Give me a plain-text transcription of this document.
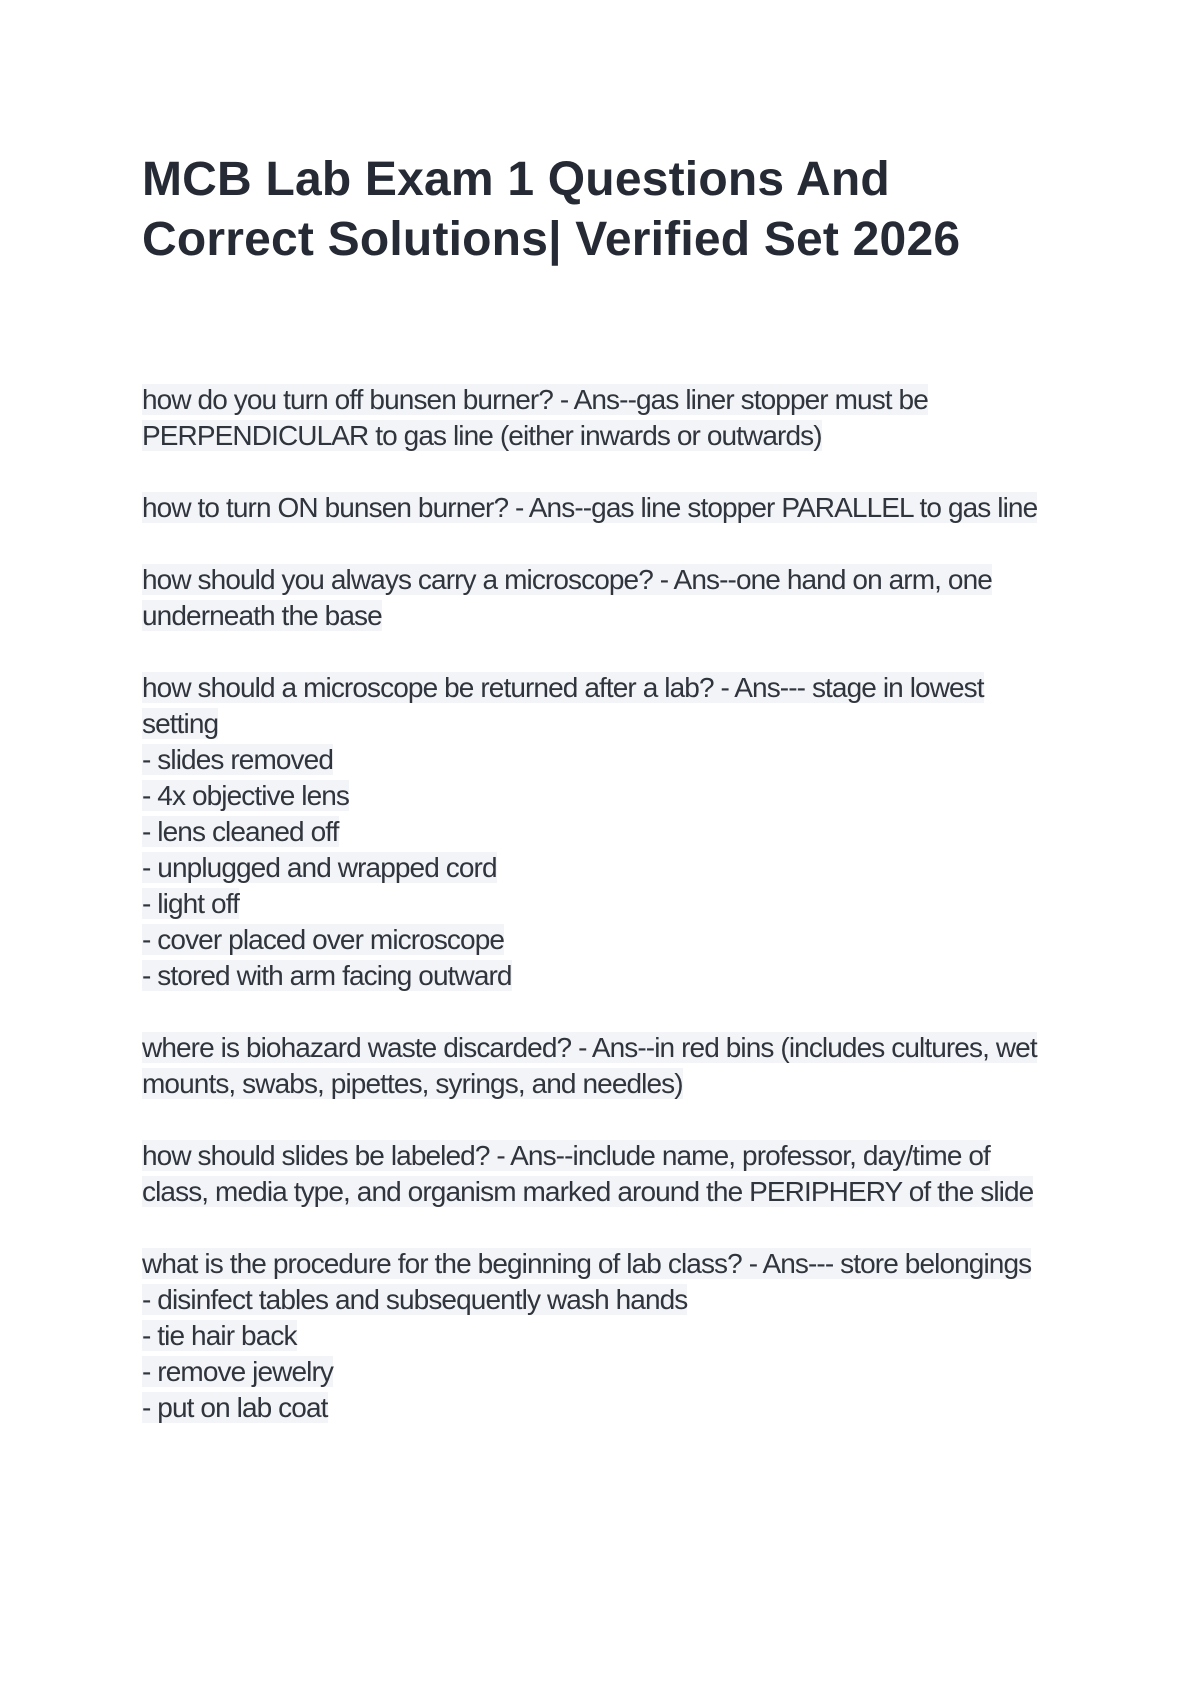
MCB Lab Exam 1 Questions And Correct Solutions| Verified Set 2026
how do you turn off bunsen burner? - Ans--gas liner stopper must be PERPENDICULAR to gas line (either inwards or outwards)
how to turn ON bunsen burner? - Ans--gas line stopper PARALLEL to gas line
how should you always carry a microscope? - Ans--one hand on arm, one underneath the base
how should a microscope be returned after a lab? - Ans--- stage in lowest setting
- slides removed
- 4x objective lens
- lens cleaned off
- unplugged and wrapped cord
- light off
- cover placed over microscope
- stored with arm facing outward
where is biohazard waste discarded? - Ans--in red bins (includes cultures, wet mounts, swabs, pipettes, syrings, and needles)
how should slides be labeled? - Ans--include name, professor, day/time of class, media type, and organism marked around the PERIPHERY of the slide
what is the procedure for the beginning of lab class? - Ans--- store belongings
- disinfect tables and subsequently wash hands
- tie hair back
- remove jewelry
- put on lab coat
